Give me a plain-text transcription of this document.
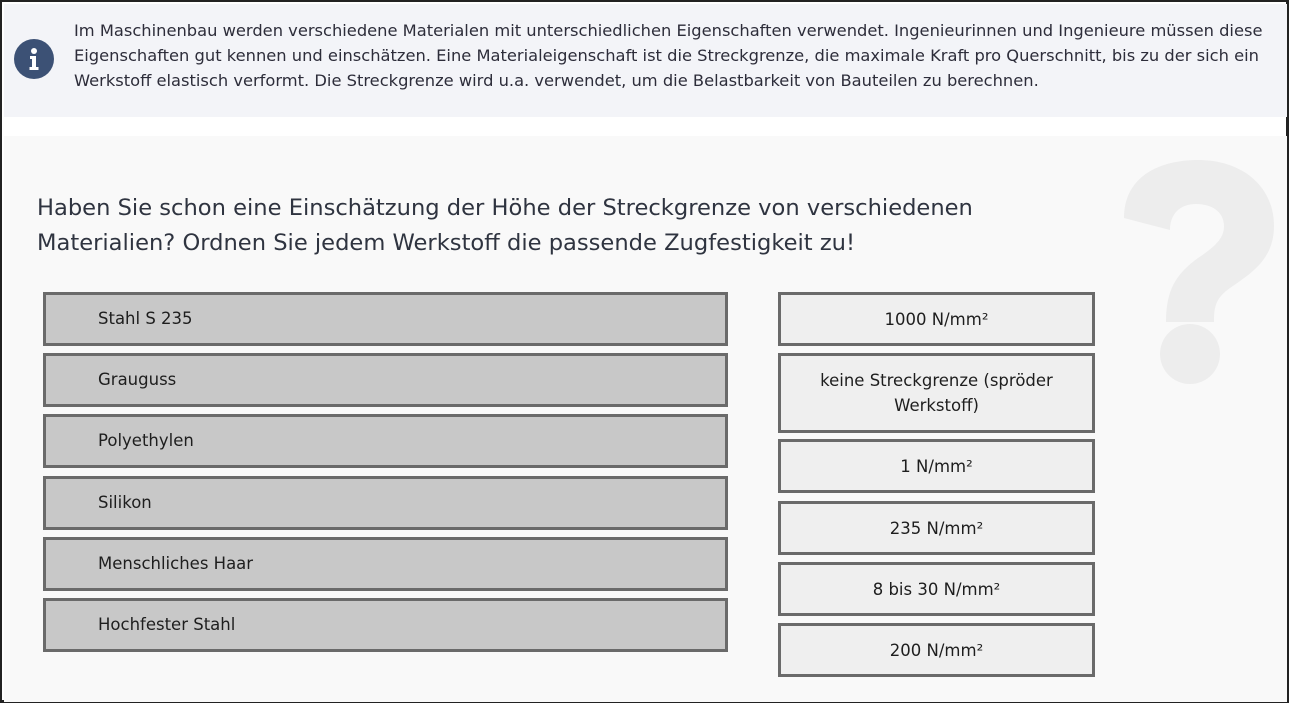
Im Maschinenbau werden verschiedene Materialen mit unterschiedlichen Eigenschaften verwendet. Ingenieurinnen und Ingenieure müssen diese Eigenschaften gut kennen und einschätzen. Eine Materialeigenschaft ist die Streckgrenze, die maximale Kraft pro Querschnitt, bis zu der sich ein Werkstoff elastisch verformt. Die Streckgrenze wird u.a. verwendet, um die Belastbarkeit von Bauteilen zu berechnen.

Haben Sie schon eine Einschätzung der Höhe der Streckgrenze von verschiedenen Materialien? Ordnen Sie jedem Werkstoff die passende Zugfestigkeit zu!
Stahl S 235
Grauguss
Polyethylen
Silikon
Menschliches Haar
Hochfester Stahl
1000 N/mm²
keine Streckgrenze (spröder Werkstoff)
1 N/mm²
235 N/mm²
8 bis 30 N/mm²
200 N/mm²
